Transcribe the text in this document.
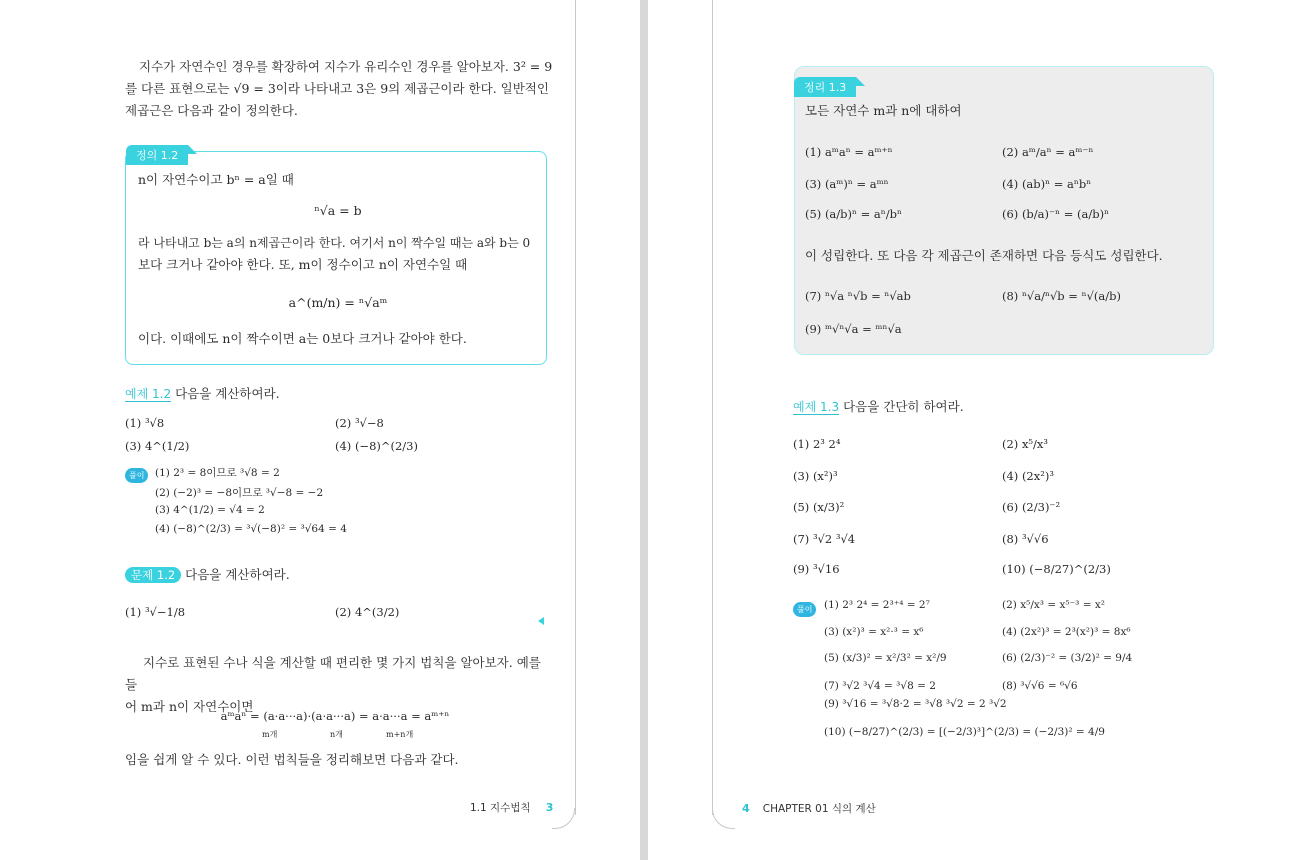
지수가 자연수인 경우를 확장하여 지수가 유리수인 경우를 알아보자. 3² = 9
를 다른 표현으로는 √9 = 3이라 나타내고 3은 9의 제곱근이라 한다. 일반적인
제곱근은 다음과 같이 정의한다.
정의 1.2
n이 자연수이고 bⁿ = a일 때
ⁿ√a = b
라 나타내고 b는 a의 n제곱근이라 한다. 여기서 n이 짝수일 때는 a와 b는 0
보다 크거나 같아야 한다. 또, m이 정수이고 n이 자연수일 때
a^(m/n) = ⁿ√aᵐ
이다. 이때에도 n이 짝수이면 a는 0보다 크거나 같아야 한다.
예제 1.2 다음을 계산하여라.
(1) ³√8	(2) ³√−8
(3) 4^(1/2)	(4) (−8)^(2/3)
풀이	(1) 2³ = 8이므로 ³√8 = 2
(2) (−2)³ = −8이므로 ³√−8 = −2
(3) 4^(1/2) = √4 = 2
(4) (−8)^(2/3) = ³√(−8)² = ³√64 = 4
문제 1.2 다음을 계산하여라.
(1) ³√−1/8	(2) 4^(3/2)
지수로 표현된 수나 식을 계산할 때 편리한 몇 가지 법칙을 알아보자. 예를 들
어 m과 n이 자연수이면
aᵐaⁿ = (a·a···a)·(a·a···a) = a·a···a = aᵐ⁺ⁿ
m개	n개	m+n개
임을 쉽게 알 수 있다. 이런 법칙들을 정리해보면 다음과 같다.
1.1 지수법칙 3
정리 1.3
모든 자연수 m과 n에 대하여
(1) aᵐaⁿ = aᵐ⁺ⁿ	(2) aᵐ/aⁿ = aᵐ⁻ⁿ
(3) (aᵐ)ⁿ = aᵐⁿ	(4) (ab)ⁿ = aⁿbⁿ
(5) (a/b)ⁿ = aⁿ/bⁿ	(6) (b/a)⁻ⁿ = (a/b)ⁿ
이 성립한다. 또 다음 각 제곱근이 존재하면 다음 등식도 성립한다.
(7) ⁿ√a ⁿ√b = ⁿ√ab	(8) ⁿ√a/ⁿ√b = ⁿ√(a/b)
(9) ᵐ√ⁿ√a = ᵐⁿ√a
예제 1.3 다음을 간단히 하여라.
(1) 2³ 2⁴	(2) x⁵/x³
(3) (x²)³	(4) (2x²)³
(5) (x/3)²	(6) (2/3)⁻²
(7) ³√2 ³√4	(8) ³√√6
(9) ³√16	(10) (−8/27)^(2/3)
풀이	(1) 2³ 2⁴ = 2³⁺⁴ = 2⁷	(2) x⁵/x³ = x⁵⁻³ = x²
(3) (x²)³ = x²·³ = x⁶	(4) (2x²)³ = 2³(x²)³ = 8x⁶
(5) (x/3)² = x²/3² = x²/9	(6) (2/3)⁻² = (3/2)² = 9/4
(7) ³√2 ³√4 = ³√8 = 2	(8) ³√√6 = ⁶√6
(9) ³√16 = ³√8·2 = ³√8 ³√2 = 2 ³√2
(10) (−8/27)^(2/3) = [(−2/3)³]^(2/3) = (−2/3)² = 4/9
4 CHAPTER 01 식의 계산
